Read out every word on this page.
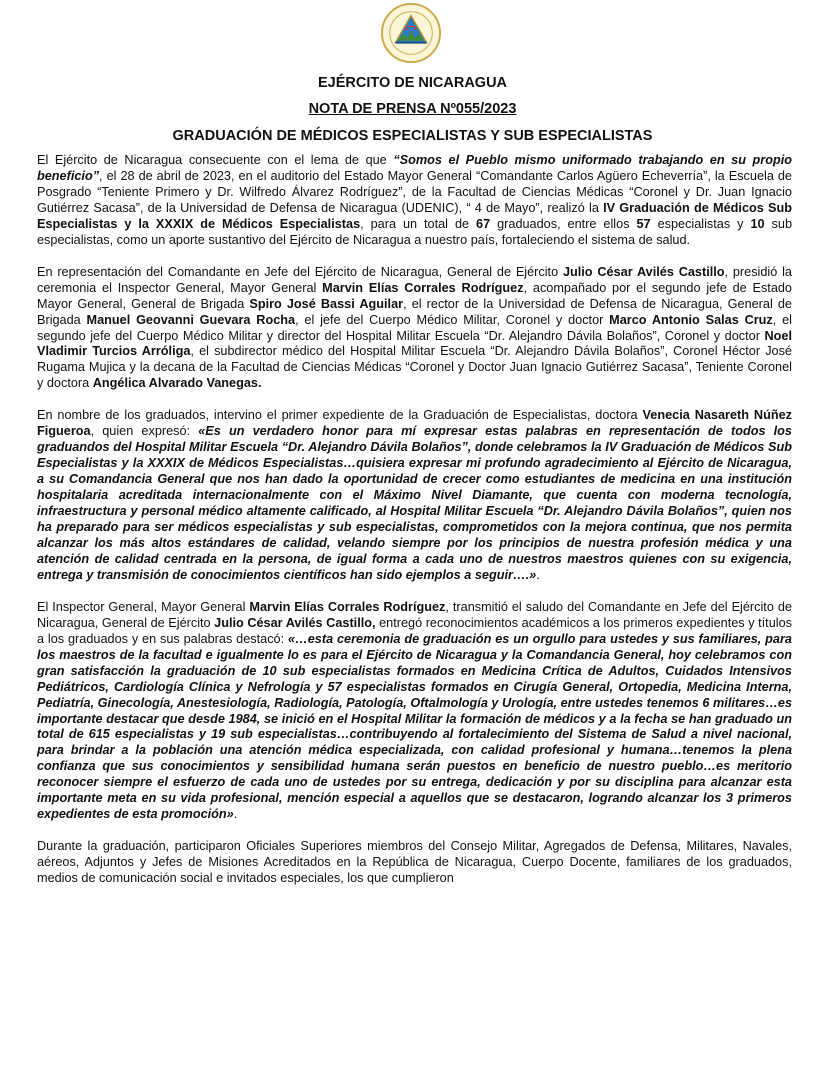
EJÉRCITO DE NICARAGUA
NOTA DE PRENSA Nº055/2023
GRADUACIÓN DE MÉDICOS ESPECIALISTAS Y SUB ESPECIALISTAS

El Ejército de Nicaragua consecuente con el lema de que “Somos el Pueblo mismo uniformado trabajando en su propio beneficio”, el 28 de abril de 2023, en el auditorio del Estado Mayor General “Comandante Carlos Agüero Echeverría”, la Escuela de Posgrado “Teniente Primero y Dr. Wilfredo Álvarez Rodríguez”, de la Facultad de Ciencias Médicas “Coronel y Dr. Juan Ignacio Gutiérrez Sacasa”, de la Universidad de Defensa de Nicaragua (UDENIC), “ 4 de Mayo”, realizó la IV Graduación de Médicos Sub Especialistas y la XXXIX de Médicos Especialistas, para un total de 67 graduados, entre ellos 57 especialistas y 10 sub especialistas, como un aporte sustantivo del Ejército de Nicaragua a nuestro país, fortaleciendo el sistema de salud.

En representación del Comandante en Jefe del Ejército de Nicaragua, General de Ejército Julio César Avilés Castillo, presidió la ceremonia el Inspector General, Mayor General Marvin Elías Corrales Rodríguez, acompañado por el segundo jefe de Estado Mayor General, General de Brigada Spiro José Bassi Aguilar, el rector de la Universidad de Defensa de Nicaragua, General de Brigada Manuel Geovanni Guevara Rocha, el jefe del Cuerpo Médico Militar, Coronel y doctor Marco Antonio Salas Cruz, el segundo jefe del Cuerpo Médico Militar y director del Hospital Militar Escuela “Dr. Alejandro Dávila Bolaños”, Coronel y doctor Noel Vladimir Turcios Arróliga, el subdirector médico del Hospital Militar Escuela “Dr. Alejandro Dávila Bolaños”, Coronel Héctor José Rugama Mujica y la decana de la Facultad de Ciencias Médicas “Coronel y Doctor Juan Ignacio Gutiérrez Sacasa”, Teniente Coronel y doctora Angélica Alvarado Vanegas.

En nombre de los graduados, intervino el primer expediente de la Graduación de Especialistas, doctora Venecia Nasareth Núñez Figueroa, quien expresó: «Es un verdadero honor para mí expresar estas palabras en representación de todos los graduandos del Hospital Militar Escuela “Dr. Alejandro Dávila Bolaños”, donde celebramos la IV Graduación de Médicos Sub Especialistas y la XXXIX de Médicos Especialistas…quisiera expresar mi profundo agradecimiento al Ejército de Nicaragua, a su Comandancia General que nos han dado la oportunidad de crecer como estudiantes de medicina en una institución hospitalaria acreditada internacionalmente con el Máximo Nivel Diamante, que cuenta con moderna tecnología, infraestructura y personal médico altamente calificado, al Hospital Militar Escuela “Dr. Alejandro Dávila Bolaños”, quien nos ha preparado para ser médicos especialistas y sub especialistas, comprometidos con la mejora continua, que nos permita alcanzar los más altos estándares de calidad, velando siempre por los principios de nuestra profesión médica y una atención de calidad centrada en la persona, de igual forma a cada uno de nuestros maestros quienes con su exigencia, entrega y transmisión de conocimientos científicos han sido ejemplos a seguir….».

El Inspector General, Mayor General Marvin Elías Corrales Rodríguez, transmitió el saludo del Comandante en Jefe del Ejército de Nicaragua, General de Ejército Julio César Avilés Castillo, entregó reconocimientos académicos a los primeros expedientes y títulos a los graduados y en sus palabras destacó: «…esta ceremonia de graduación es un orgullo para ustedes y sus familiares, para los maestros de la facultad e igualmente lo es para el Ejército de Nicaragua y la Comandancia General, hoy celebramos con gran satisfacción la graduación de 10 sub especialistas formados en Medicina Crítica de Adultos, Cuidados Intensivos Pediátricos, Cardiología Clínica y Nefrología y 57 especialistas formados en Cirugía General, Ortopedia, Medicina Interna, Pediatría, Ginecología, Anestesiología, Radiología, Patología, Oftalmología y Urología, entre ustedes tenemos 6 militares…es importante destacar que desde 1984, se inició en el Hospital Militar la formación de médicos y a la fecha se han graduado un total de 615 especialistas y 19 sub especialistas…contribuyendo al fortalecimiento del Sistema de Salud a nivel nacional, para brindar a la población una atención médica especializada, con calidad profesional y humana…tenemos la plena confianza que sus conocimientos y sensibilidad humana serán puestos en beneficio de nuestro pueblo…es meritorio reconocer siempre el esfuerzo de cada uno de ustedes por su entrega, dedicación y por su disciplina para alcanzar esta importante meta en su vida profesional, mención especial a aquellos que se destacaron, logrando alcanzar los 3 primeros expedientes de esta promoción».

Durante la graduación, participaron Oficiales Superiores miembros del Consejo Militar, Agregados de Defensa, Militares, Navales, aéreos, Adjuntos y Jefes de Misiones Acreditados en la República de Nicaragua, Cuerpo Docente, familiares de los graduados, medios de comunicación social e invitados especiales, los que cumplieron
